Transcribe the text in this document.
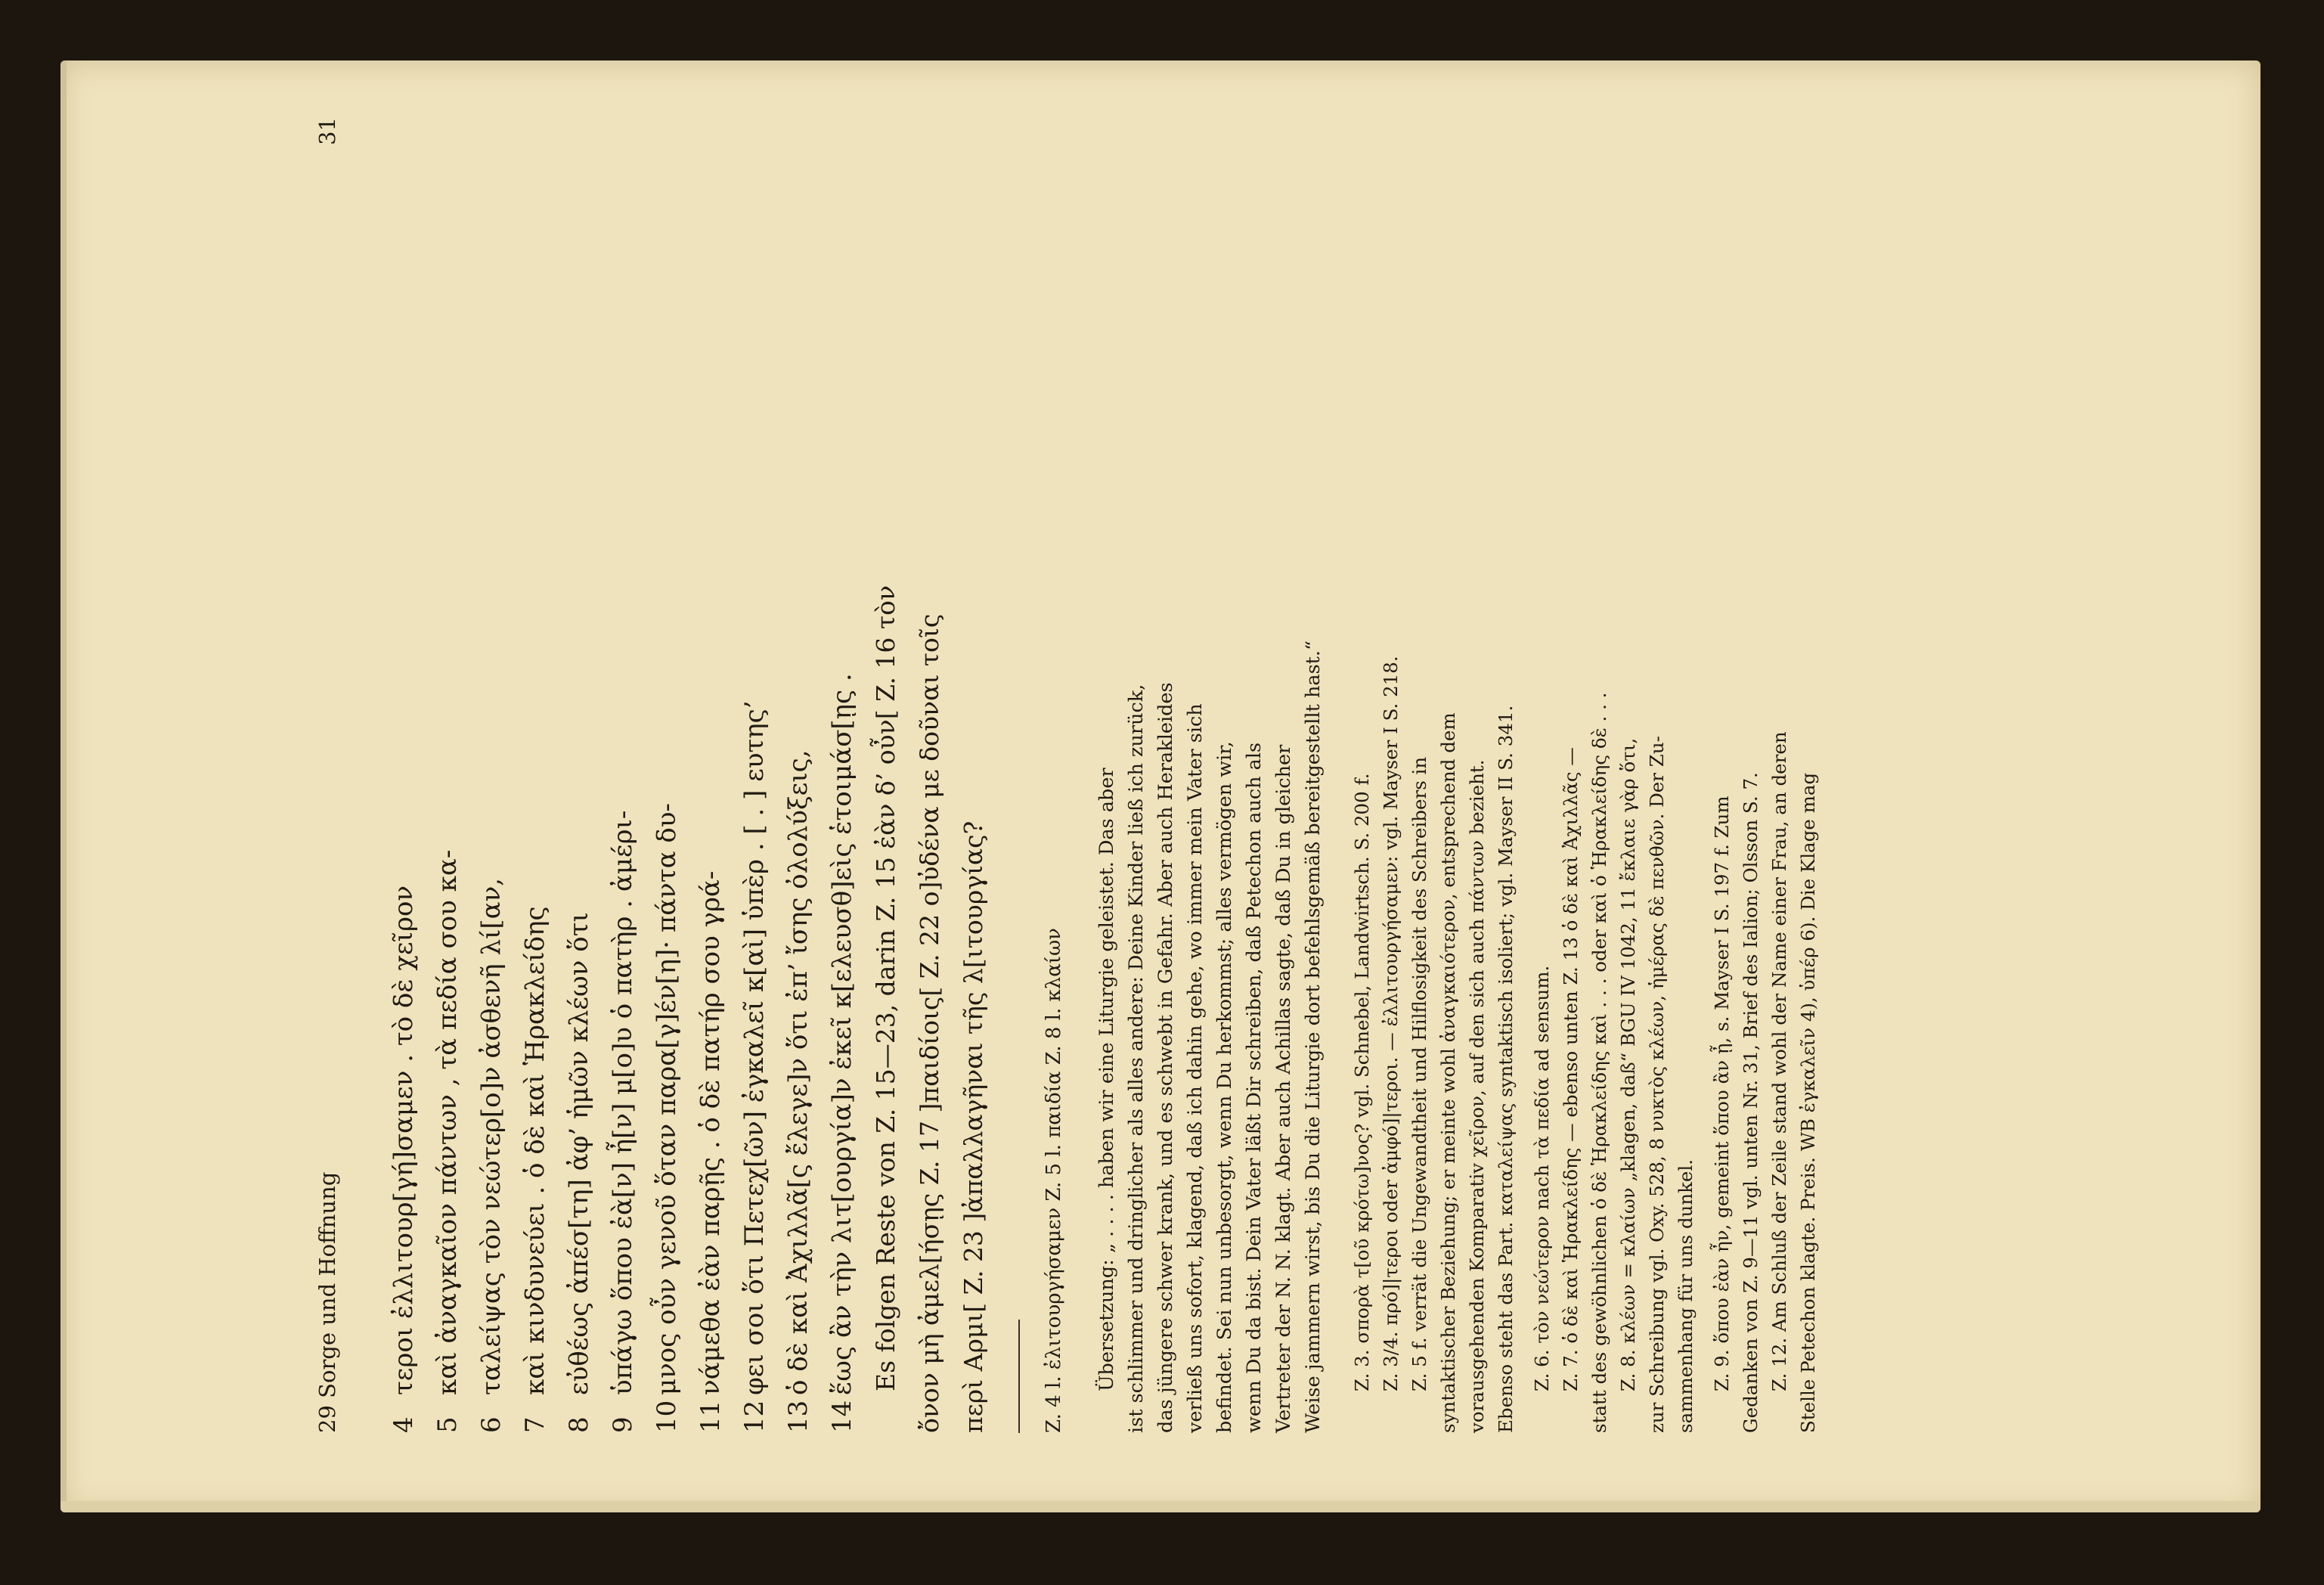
29 Sorge und Hoffnung
31
4
τεροι ἐλλιτουρ[γή]σαμεν . τὸ δὲ χεῖρον
5
καὶ ἀναγκαῖον πάντων , τὰ πεδία σου κα-
6
ταλείψας τὸν νεώτερ[ο]ν ἀσθενῆ λί[αν,
7
καὶ κινδυνεύει . ὁ δὲ καὶ Ἡρακλείδης
8
εὐθέως ἀπέσ[τη] ἀφ’ ἡμῶν κλέων ὅτι
9
ὑπάγω ὅπου ἐὰ[ν] ἦ[ν] μ[ο]υ ὁ πατὴρ . ἀμέρι-
10
μνος οὖν γενοῦ ὅταν παρα[γ]έν[η]· πάντα δυ-
11
νάμεθα ἐὰν παρῇς . ὁ δὲ πατήρ σου γρά-
12
φει σοι ὅτι Πετεχ[ῶν] ἐγκαλεῖ κ[αὶ] ὑπὲρ . [ . ] ευτης’
13
ὁ δὲ καὶ Ἀχιλλᾶ[ς ἔλεγε]ν ὅτι ἐπ’ ἴσης ὀλολύξεις,
14
ἕως ἂν τὴν λιτ[ουργία]ν ἐκεῖ κ[ελευσθ]εὶς ἑτοιμάσ[ῃς . Es folgen Reste von Z. 15—23, darin Z. 15 ἐὰν δ’ οὖν[ Z. 16 τὸν ὄνον μὴ ἀμελ[ήσῃς Z. 17 ]παιδίοις[ Z. 22 ο]ὐδένα με δοῦναι τοῖς περὶ Αρμι[ Z. 23 ]ἀπαλλαγῆναι τῆς λ[ιτουργίας?	Z. 4 l. ἐλιτουργήσαμεν Z. 5 l. παιδία Z. 8 l. κλαίων	Übersetzung: „ . . . . haben wir eine Liturgie geleistet. Das aber ist schlimmer und dringlicher als alles andere: Deine Kinder ließ ich zurück, das jüngere schwer krank, und es schwebt in Gefahr. Aber auch Herakleides verließ uns sofort, klagend, daß ich dahin gehe, wo immer mein Vater sich befindet. Sei nun unbesorgt, wenn Du herkommst; alles vermögen wir, wenn Du da bist. Dein Vater läßt Dir schreiben, daß Petechon auch als Vertreter der N. N. klagt. Aber auch Achillas sagte, daß Du in gleicher Weise jammern wirst, bis Du die Liturgie dort befehlsgemäß bereitgestellt hast.“ Z. 3. σπορὰ τ[οῦ κρότω]νος? vgl. Schnebel, Landwirtsch. S. 200 f. Z. 3/4. πρό]|τεροι oder ἀμφό]|τεροι. — ἐλλιτουργήσαμεν: vgl. Mayser I S. 218. Z. 5 f. verrät die Ungewandtheit und Hilflosigkeit des Schreibers in syntaktischer Beziehung; er meinte wohl ἀναγκαιότερον, entsprechend dem vorausgehenden Komparativ χεῖρον, auf den sich auch πάντων bezieht. Ebenso steht das Part. καταλείψας syntaktisch isoliert; vgl. Mayser II S. 341. Z. 6. τὸν νεώτερον nach τὰ πεδία ad sensum. Z. 7. ὁ δὲ καὶ Ἡρακλείδης — ebenso unten Z. 13 ὁ δὲ καὶ Ἀχιλλᾶς — statt des gewöhnlichen ὁ δὲ Ἡρακλείδης καὶ . . . oder καὶ ὁ Ἡρακλείδης δὲ . . . Z. 8. κλέων = κλαίων „klagen, daß“ BGU IV 1042, 11 ἔκλαιε γὰρ ὅτι, zur Schreibung vgl. Oxy. 528, 8 νυκτὸς κλέων, ἡμέρας δὲ πενθῶν. Der Zu- sammenhang für uns dunkel. Z. 9. ὅπου ἐὰν ἦν, gemeint ὅπου ἂν ᾖ, s. Mayser I S. 197 f. Zum Gedanken von Z. 9—11 vgl. unten Nr. 31, Brief des Ialion; Olsson S. 7. Z. 12. Am Schluß der Zeile stand wohl der Name einer Frau, an deren Stelle Petechon klagte. Preis. WB ἐγκαλεῖν 4), ὑπέρ 6). Die Klage mag
